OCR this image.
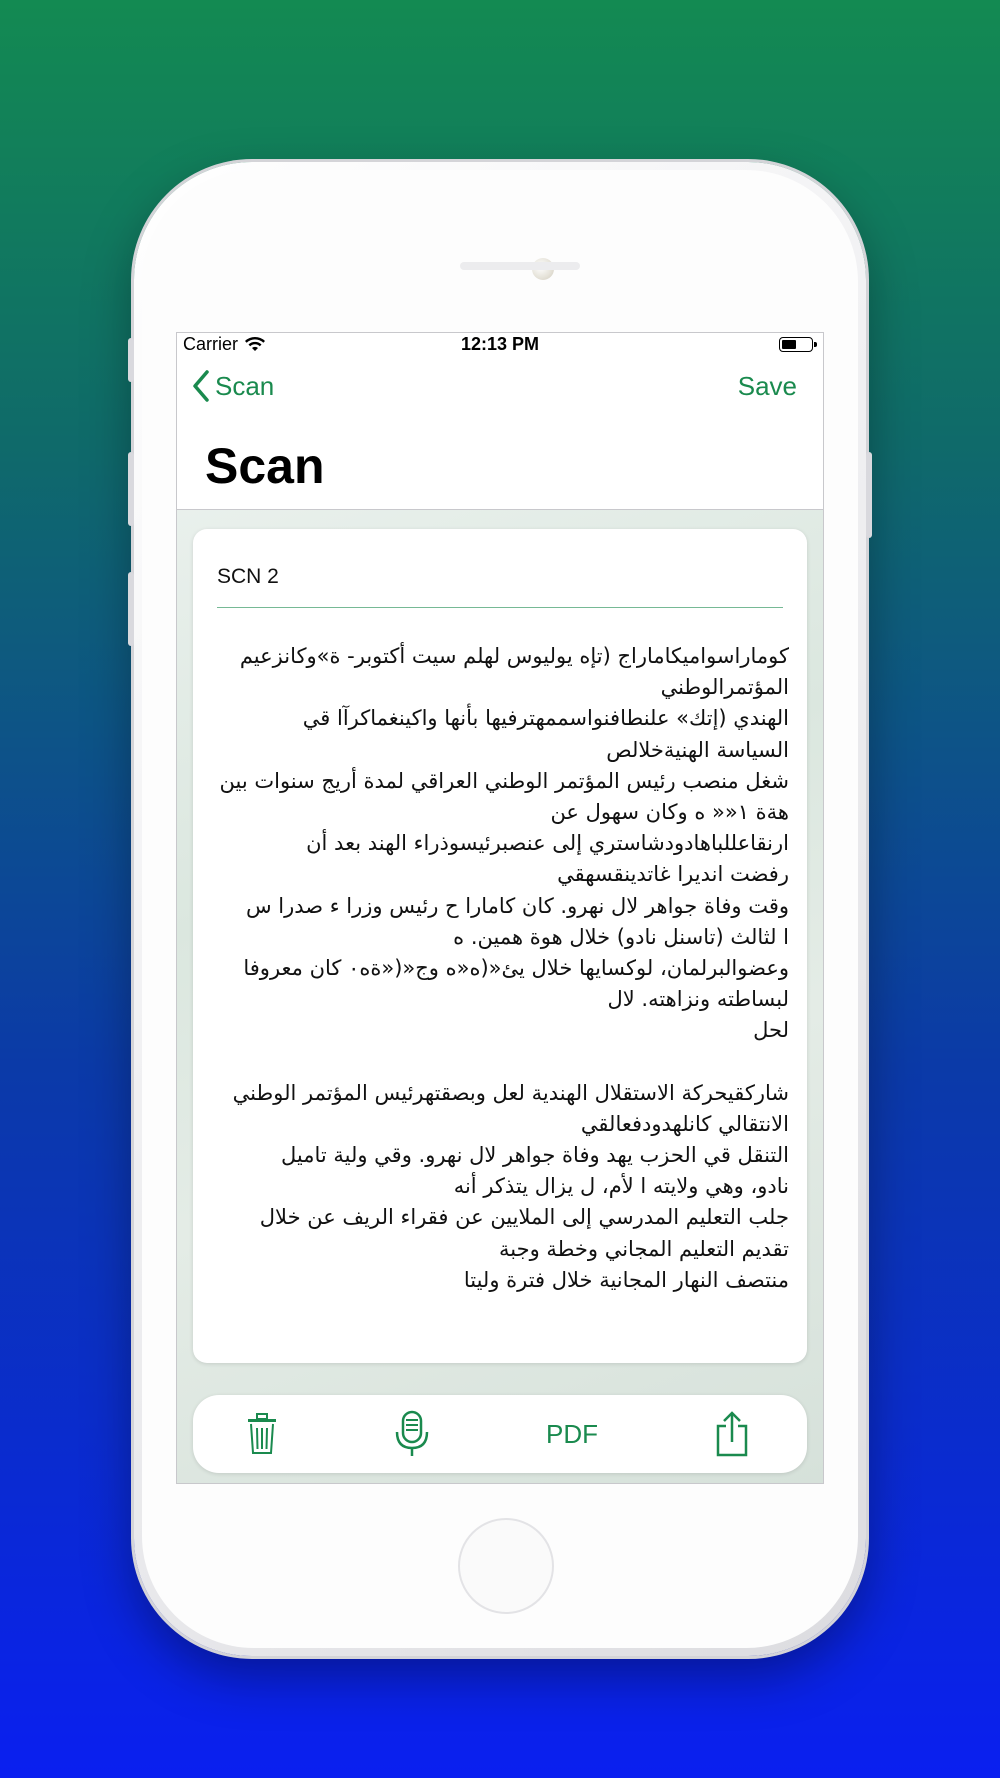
Carrier	12:13 PM
Scan	Save
Scan
SCN 2
كوماراسواميكاماراج (تإه يوليوس لهلم سيت أكتوبر- ة»وكانزعيم
المؤتمرالوطني
الهندي (إتك» علنطافنواسممهترفيها بأنها واكينغماكرآا قي
السياسة الهنيةخلالص
شغل منصب رئيس المؤتمر الوطني العراقي لمدة أريج سنوات بين
هةة ١«« ه وكان سهول عن
ارنقاعللباهادودشاستري إلى عنصبرئيسوذراء الهند بعد أن
رفضت انديرا غاتدينقسهقي
وقت وفاة جواهر لال نهرو. كان كامارا ح رئيس وزرا ء صدرا س
ا لثالث (تاسنل نادو) خلال هوة همين. ه
وعضوالبرلمان، لوكسايها خلال يئ«(ه«ه وج«(«ةه٠ كان معروفا
لبساطته ونزاهته. لال
لحل

شاركقيحركة الاستقلال الهندية لعل وبصقتهرئيس المؤتمر الوطني
الانتقالي كانلهدودفعالقي
التنقل قي الحزب يهد وفاة جواهر لال نهرو. وقي ولية تاميل
نادو، وهي ولايته ا لأم، ل يزال يتذكر أنه
جلب التعليم المدرسي إلى الملايين عن فقراء الريف عن خلال
تقديم التعليم المجاني وخطة وجبة
منتصف النهار المجانية خلال فترة وليتا
PDF
